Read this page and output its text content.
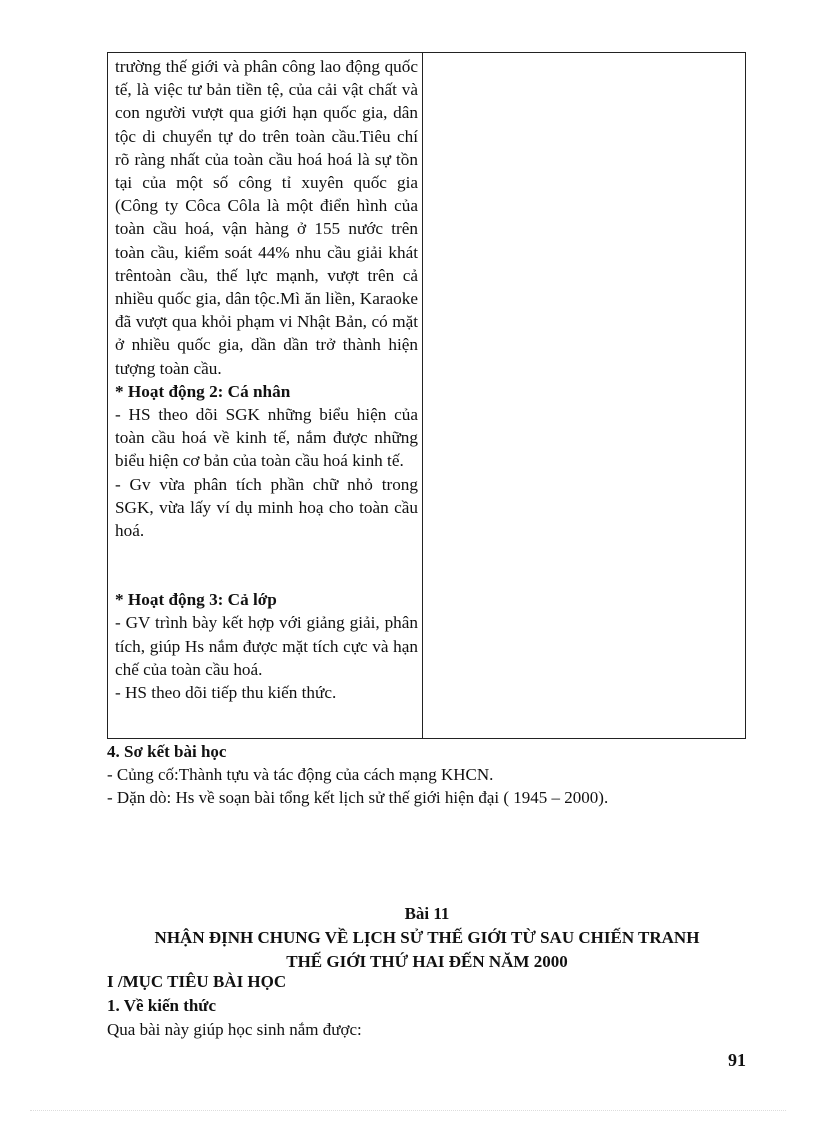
trường thế giới và phân công lao động quốc tế, là việc tư bản tiền tệ, của cải vật chất và con người vượt qua giới hạn quốc gia, dân tộc di chuyển tự do trên toàn cầu.Tiêu chí rõ ràng nhất của toàn cầu hoá hoá là sự tồn tại của một số công tỉ xuyên quốc gia (Công ty Côca Côla là một điển hình của toàn cầu hoá, vận hàng ở 155 nước trên toàn cầu, kiểm soát 44% nhu cầu giải khát trêntoàn cầu, thế lực mạnh, vượt trên cả nhiều quốc gia, dân tộc.Mì ăn liền, Karaoke đã vượt qua khỏi phạm vi Nhật Bản, có mặt ở nhiều quốc gia, dần dần trở thành hiện tượng toàn cầu.
* Hoạt động 2: Cá nhân
- HS theo dõi SGK những biểu hiện của toàn cầu hoá về kinh tế, nắm được những biểu hiện cơ bản của toàn cầu hoá kinh tế.
- Gv vừa phân tích phần chữ nhỏ trong SGK, vừa lấy ví dụ minh hoạ cho toàn cầu hoá.
* Hoạt động 3: Cả lớp
- GV trình bày kết hợp với giảng giải, phân tích, giúp Hs nắm được mặt tích cực và hạn chế của toàn cầu hoá.
- HS theo dõi tiếp thu kiến thức.

4. Sơ kết bài học
- Củng cố:Thành tựu và tác động của cách mạng KHCN.
- Dặn dò: Hs về soạn bài tổng kết lịch sử thế giới hiện đại ( 1945 – 2000).
Bài 11
NHẬN ĐỊNH CHUNG VỀ LỊCH SỬ THẾ GIỚI TỪ SAU CHIẾN TRANH
THẾ GIỚI THỨ HAI ĐẾN NĂM 2000
I /MỤC TIÊU BÀI HỌC
1. Về kiến thức
Qua bài này giúp học sinh nắm được:
91
